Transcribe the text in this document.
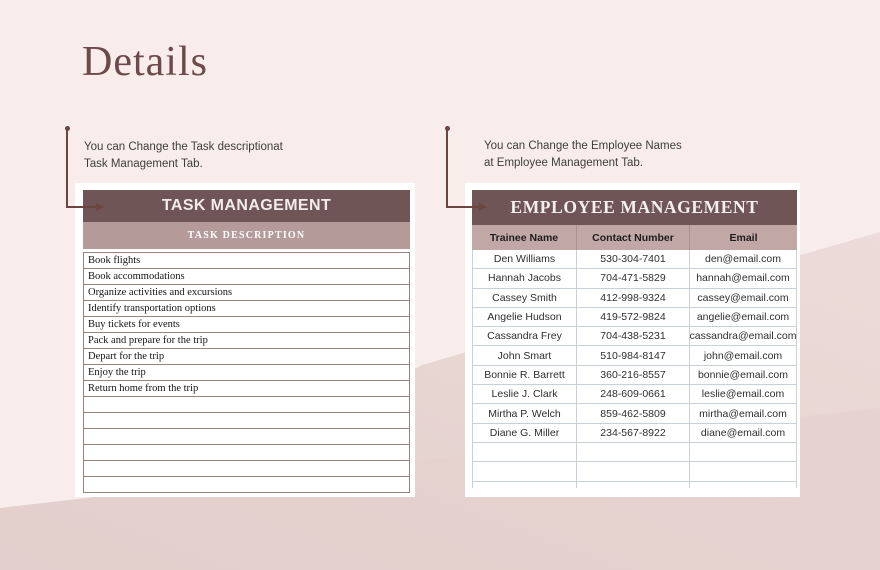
Details
You can Change the Task descriptionat
Task Management Tab.
You can Change the Employee Names
at Employee Management Tab.
TASK MANAGEMENT
TASK DESCRIPTION
Book flights
Book accommodations
Organize activities and excursions
Identify transportation options
Buy tickets for events
Pack and prepare for the trip
Depart for the trip
Enjoy the trip
Return home from the trip
EMPLOYEE MANAGEMENT
Trainee Name	Contact Number	Email
Den Williams	530-304-7401	den@email.com
Hannah Jacobs	704-471-5829	hannah@email.com
Cassey Smith	412-998-9324	cassey@email.com
Angelie Hudson	419-572-9824	angelie@email.com
Cassandra Frey	704-438-5231	cassandra@email.com
John Smart	510-984-8147	john@email.com
Bonnie R. Barrett	360-216-8557	bonnie@email.com
Leslie J. Clark	248-609-0661	leslie@email.com
Mirtha P. Welch	859-462-5809	mirtha@email.com
Diane G. Miller	234-567-8922	diane@email.com
